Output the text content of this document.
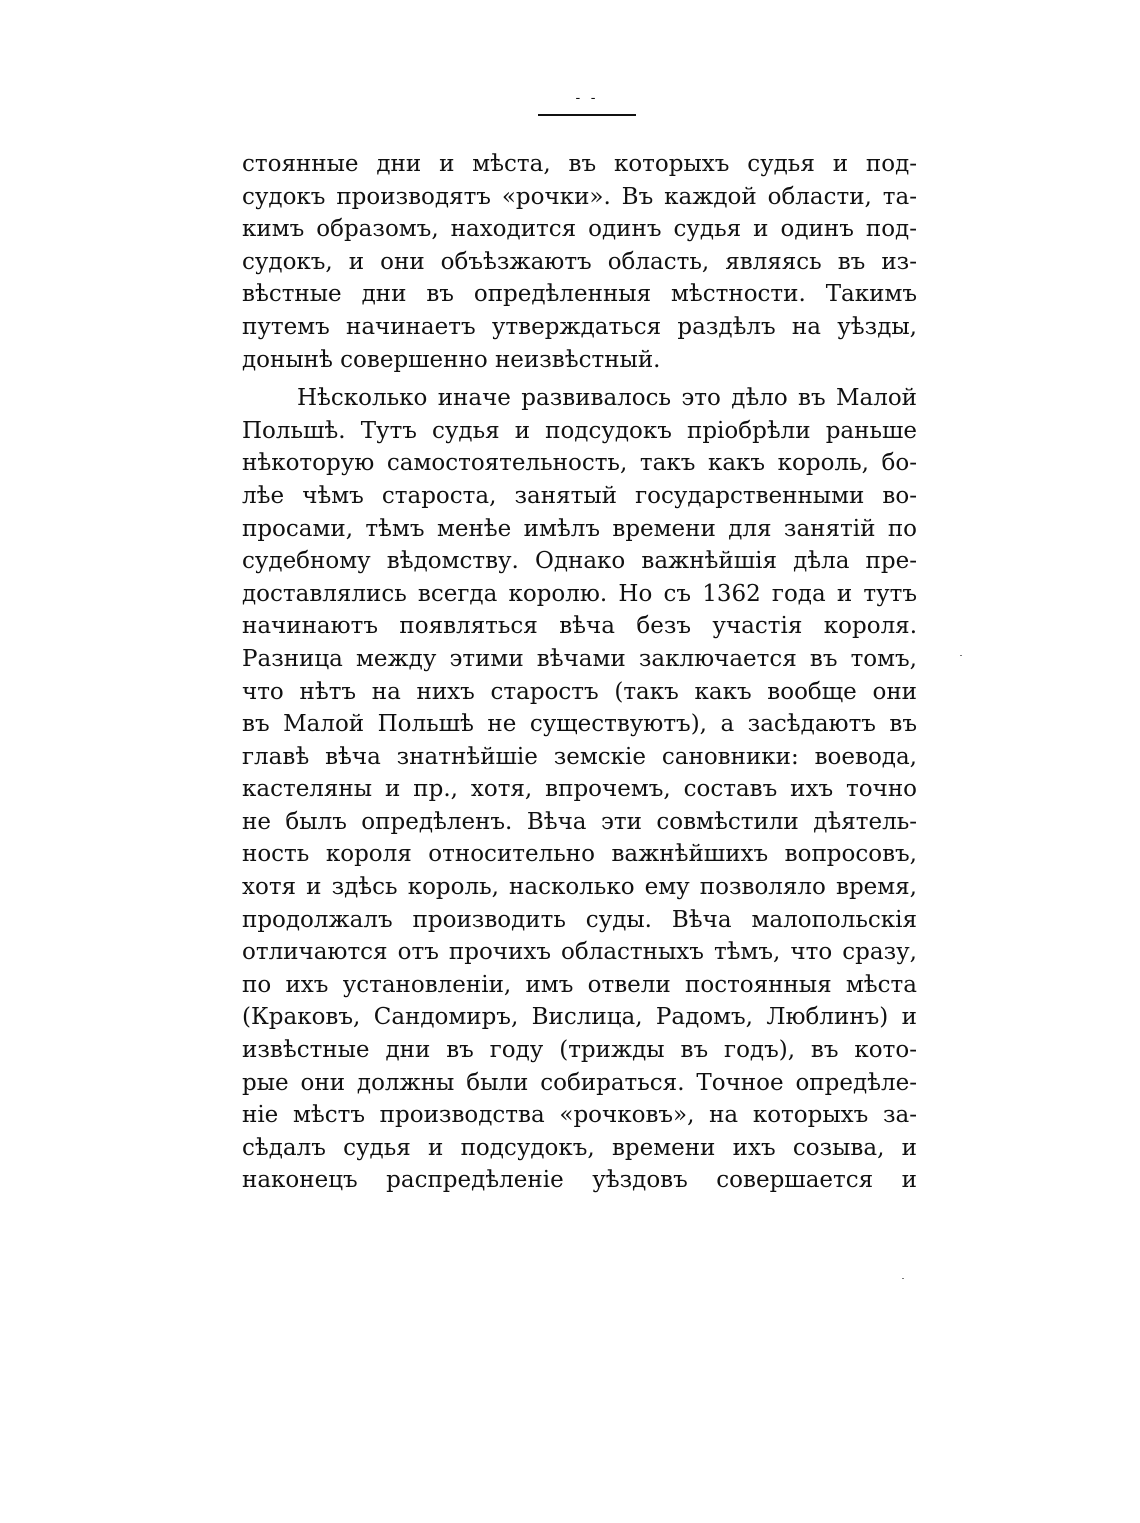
- -
стоянные дни и мѣста, въ которыхъ судья и под-
судокъ производятъ «рочки». Въ каждой области, та-
кимъ образомъ, находится одинъ судья и одинъ под-
судокъ, и они объѣзжаютъ область, являясь въ из-
вѣстные дни въ опредѣленныя мѣстности. Такимъ
путемъ начинаетъ утверждаться раздѣлъ на уѣзды,
донынѣ совершенно неизвѣстный.
Нѣсколько иначе развивалось это дѣло въ Малой
Польшѣ. Тутъ судья и подсудокъ пріобрѣли раньше
нѣкоторую самостоятельность, такъ какъ король, бо-
лѣе чѣмъ староста, занятый государственными во-
просами, тѣмъ менѣе имѣлъ времени для занятій по
судебному вѣдомству. Однако важнѣйшія дѣла пре-
доставлялись всегда королю. Но съ 1362 года и тутъ
начинаютъ появляться вѣча безъ участія короля.
Разница между этими вѣчами заключается въ томъ,
что нѣтъ на нихъ старостъ (такъ какъ вообще они
въ Малой Польшѣ не существуютъ), а засѣдаютъ въ
главѣ вѣча знатнѣйшіе земскіе сановники: воевода,
кастеляны и пр., хотя, впрочемъ, составъ ихъ точно
не былъ опредѣленъ. Вѣча эти совмѣстили дѣятель-
ность короля относительно важнѣйшихъ вопросовъ,
хотя и здѣсь король, насколько ему позволяло время,
продолжалъ производить суды. Вѣча малопольскія
отличаются отъ прочихъ областныхъ тѣмъ, что сразу,
по ихъ установленіи, имъ отвели постоянныя мѣста
(Краковъ, Сандомиръ, Вислица, Радомъ, Люблинъ) и
извѣстные дни въ году (трижды въ годъ), въ кото-
рые они должны были собираться. Точное опредѣле-
ніе мѣстъ производства «рочковъ», на которыхъ за-
сѣдалъ судья и подсудокъ, времени ихъ созыва, и
наконецъ распредѣленіе уѣздовъ совершается и
